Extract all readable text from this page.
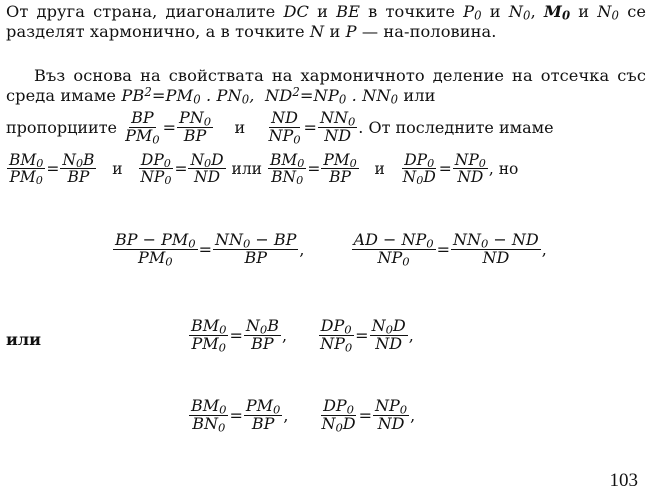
От друга страна, диагоналите DC и BE в точките $P_0$ и $N_0$, $M_0$ и $N_0$ се разделят хармонично, а в точките N и P — на-половина.
Въз основа на свойствата на хармоничното деление на отсечка със среда имаме $PB^2=PM_0$ . $PN_0$,  $ND^2=NP_0$ . $NN_0$ или
пропорциите
$\frac{BP}{PM_0} = \frac{PN_0}{BP}$
и
$\frac{ND}{NP_0} = \frac{NN_0}{ND}$ . От последните имаме
$\frac{BM_0}{PM_0} = \frac{N_0B}{BP}$
и
$\frac{DP_0}{NP_0} = \frac{N_0D}{ND}$
или
$\frac{BM_0}{BN_0} = \frac{PM_0}{BP}$
и
$\frac{DP_0}{N_0D} = \frac{NP_0}{ND}$ , но
$\frac{BP - PM_0}{PM_0} = \frac{NN_0 - BP}{BP}$ ,	$\frac{AD - NP_0}{NP_0} = \frac{NN_0 - ND}{ND}$ ,
или	$\frac{BM_0}{PM_0} = \frac{N_0B}{BP}$ , $\frac{DP_0}{NP_0} = \frac{N_0D}{ND}$ ,
$\frac{BM_0}{BN_0} = \frac{PM_0}{BP}$ , $\frac{DP_0}{N_0D} = \frac{NP_0}{ND}$ ,
103
